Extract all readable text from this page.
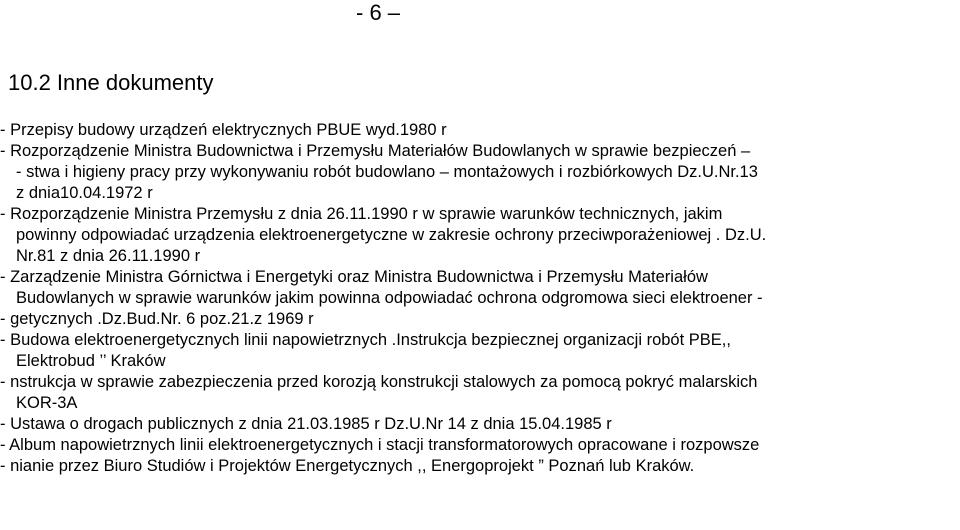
- 6 –
10.2 Inne dokumenty
- Przepisy budowy urządzeń elektrycznych PBUE wyd.1980 r
- Rozporządzenie Ministra Budownictwa i Przemysłu Materiałów Budowlanych w sprawie bezpieczeń –
- stwa i higieny pracy przy wykonywaniu robót budowlano – montażowych i rozbiórkowych Dz.U.Nr.13
z dnia10.04.1972 r
- Rozporządzenie Ministra Przemysłu z dnia 26.11.1990 r w sprawie warunków technicznych, jakim
powinny odpowiadać urządzenia elektroenergetyczne w zakresie ochrony przeciwporażeniowej . Dz.U.
Nr.81 z dnia 26.11.1990 r
- Zarządzenie Ministra Górnictwa i Energetyki oraz Ministra Budownictwa i Przemysłu Materiałów
Budowlanych w sprawie warunków jakim powinna odpowiadać ochrona odgromowa sieci elektroener -
- getycznych .Dz.Bud.Nr. 6 poz.21.z 1969 r
- Budowa elektroenergetycznych linii napowietrznych .Instrukcja bezpiecznej organizacji robót PBE,,
Elektrobud ’’ Kraków
- nstrukcja w sprawie zabezpieczenia przed korozją konstrukcji stalowych za pomocą pokryć malarskich
KOR-3A
- Ustawa o drogach publicznych z dnia 21.03.1985 r Dz.U.Nr 14 z dnia 15.04.1985 r
- Album napowietrznych linii elektroenergetycznych i stacji transformatorowych opracowane i rozpowsze
- nianie przez Biuro Studiów i Projektów Energetycznych ,, Energoprojekt ” Poznań lub Kraków.
